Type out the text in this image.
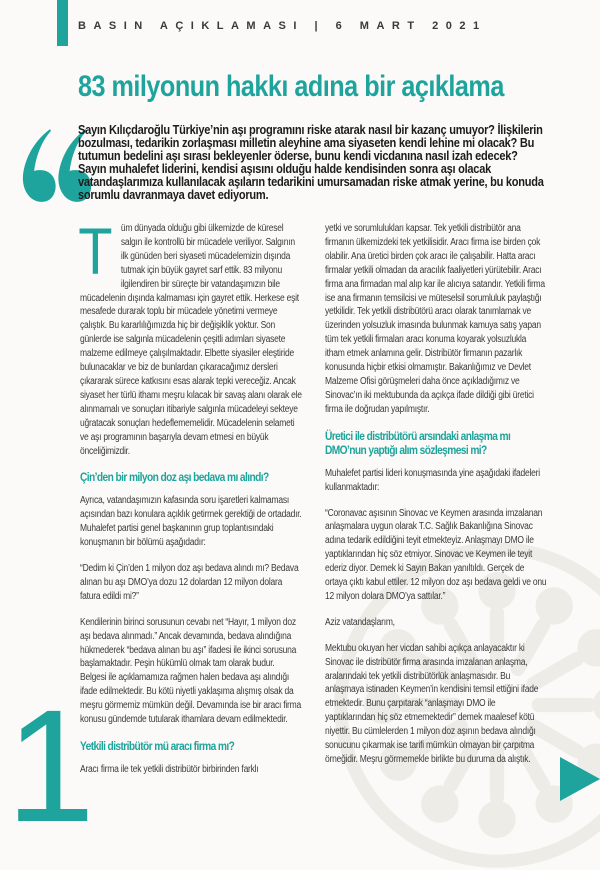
BASIN AÇIKLAMASI | 6 MART 2021
83 milyonun hakkı adına bir açıklama
Sayın Kılıçdaroğlu Türkiye’nin aşı programını riske atarak nasıl bir kazanç umuyor? İlişkilerin bozulması, tedarikin zorlaşması milletin aleyhine ama siyaseten kendi lehine mi olacak? Bu tutumun bedelini aşı sırası bekleyenler öderse, bunu kendi vicdanına nasıl izah edecek? Sayın muhalefet liderini, kendisi aşısını olduğu halde kendisinden sonra aşı olacak vatandaşlarımıza kullanılacak aşıların tedarikini umursamadan riske atmak yerine, bu konuda sorumlu davranmaya davet ediyorum.

Tüm dünyada olduğu gibi ülkemizde de küresel salgın ile kontrollü bir mücadele veriliyor. Salgının ilk günüden beri siyaseti mücadelemizin dışında tutmak için büyük gayret sarf ettik. 83 milyonu ilgilendiren bir süreçte bir vatandaşımızın bile mücadelenin dışında kalmaması için gayret ettik. Herkese eşit mesafede durarak toplu bir mücadele yönetimi vermeye çalıştık. Bu kararlılığımızda hiç bir değişiklik yoktur. Son günlerde ise salgınla mücadelenin çeşitli adımları siyasete malzeme edilmeye çalışılmaktadır. Elbette siyasiler eleştiride bulunacaklar ve biz de bunlardan çıkaracağımız dersleri çıkararak sürece katkısını esas alarak tepki vereceğiz. Ancak siyaset her türlü ithamı meşru kılacak bir savaş alanı olarak ele alınmamalı ve sonuçları itibariyle salgınla mücadeleyi sekteye uğratacak sonuçları hedeflememelidir. Mücadelenin selameti ve aşı programının başarıyla devam etmesi en büyük önceliğimizdir.

Çin’den bir milyon doz aşı bedava mı alındı?

Ayrıca, vatandaşımızın kafasında soru işaretleri kalmaması açısından bazı konulara açıklık getirmek gerektiği de ortadadır. Muhalefet partisi genel başkanının grup toplantısındaki konuşmanın bir bölümü aşağıdadır:

“Dedim ki Çin’den 1 milyon doz aşı bedava alındı mı? Bedava alınan bu aşı DMO’ya dozu 12 dolardan 12 milyon dolara fatura edildi mi?”

Kendilerinin birinci sorusunun cevabı net “Hayır, 1 milyon doz aşı bedava alınmadı.” Ancak devamında, bedava alındığına hükmederek “bedava alınan bu aşı” ifadesi ile ikinci sorusuna başlamaktadır. Peşin hükümlü olmak tam olarak budur. Belgesi ile açıklamamıza rağmen halen bedava aşı alındığı ifade edilmektedir. Bu kötü niyetli yaklaşıma alışmış olsak da meşru görmemiz mümkün değil. Devamında ise bir aracı firma konusu gündemde tutularak ithamlara devam edilmektedir.

Yetkili distribütör mü aracı firma mı?

Aracı firma ile tek yetkili distribütör birbirinden farklı

yetki ve sorumlulukları kapsar. Tek yetkili distribütör ana firmanın ülkemizdeki tek yetkilisidir. Aracı firma ise birden çok olabilir. Ana üretici birden çok aracı ile çalışabilir. Hatta aracı firmalar yetkili olmadan da aracılık faaliyetleri yürütebilir. Aracı firma ana firmadan mal alıp kar ile alıcıya satandır. Yetkili firma ise ana firmanın temsilcisi ve müteselsil sorumluluk paylaştığı yetkilidir. Tek yetkili distribütörü aracı olarak tanımlamak ve üzerinden yolsuzluk imasında bulunmak kamuya satış yapan tüm tek yetkili firmaları aracı konuma koyarak yolsuzlukla itham etmek anlamına gelir. Distribütör firmanın pazarlık konusunda hiçbir etkisi olmamıştır. Bakanlığımız ve Devlet Malzeme Ofisi görüşmeleri daha önce açıkladığımız ve Sinovac’ın iki mektubunda da açıkça ifade dildiği gibi üretici firma ile doğrudan yapılmıştır.

Üretici ile distribütörü arsındaki anlaşma mı DMO’nun yaptığı alım sözleşmesi mi?

Muhalefet partisi lideri konuşmasında yine aşağıdaki ifadeleri kullanmaktadır:

“Coronavac aşısının Sinovac ve Keymen arasında imzalanan anlaşmalara uygun olarak T.C. Sağlık Bakanlığına Sinovac adına tedarik edildiğini teyit etmekteyiz. Anlaşmayı DMO ile yaptıklarından hiç söz etmiyor. Sinovac ve Keymen ile teyit ederiz diyor. Demek ki Sayın Bakan yanıltıldı. Gerçek de ortaya çıktı kabul ettiler. 12 milyon doz aşı bedava geldi ve onu 12 milyon dolara DMO’ya sattılar.”

Aziz vatandaşlarım,

Mektubu okuyan her vicdan sahibi açıkça anlayacaktır ki Sinovac ile distribütör firma arasında imzalanan anlaşma, aralarındaki tek yetkili distribütörlük anlaşmasıdır. Bu anlaşmaya istinaden Keymen’in kendisini temsil ettiğini ifade etmektedir. Bunu çarpıtarak “anlaşmayı DMO ile yaptıklarından hiç söz etmemektedir” demek maalesef kötü niyettir. Bu cümlelerden 1 milyon doz aşının bedava alındığı sonucunu çıkarmak ise tarifi mümkün olmayan bir çarpıtma örneğidir. Meşru görmemekle birlikte bu duruma da alıştık.

1
